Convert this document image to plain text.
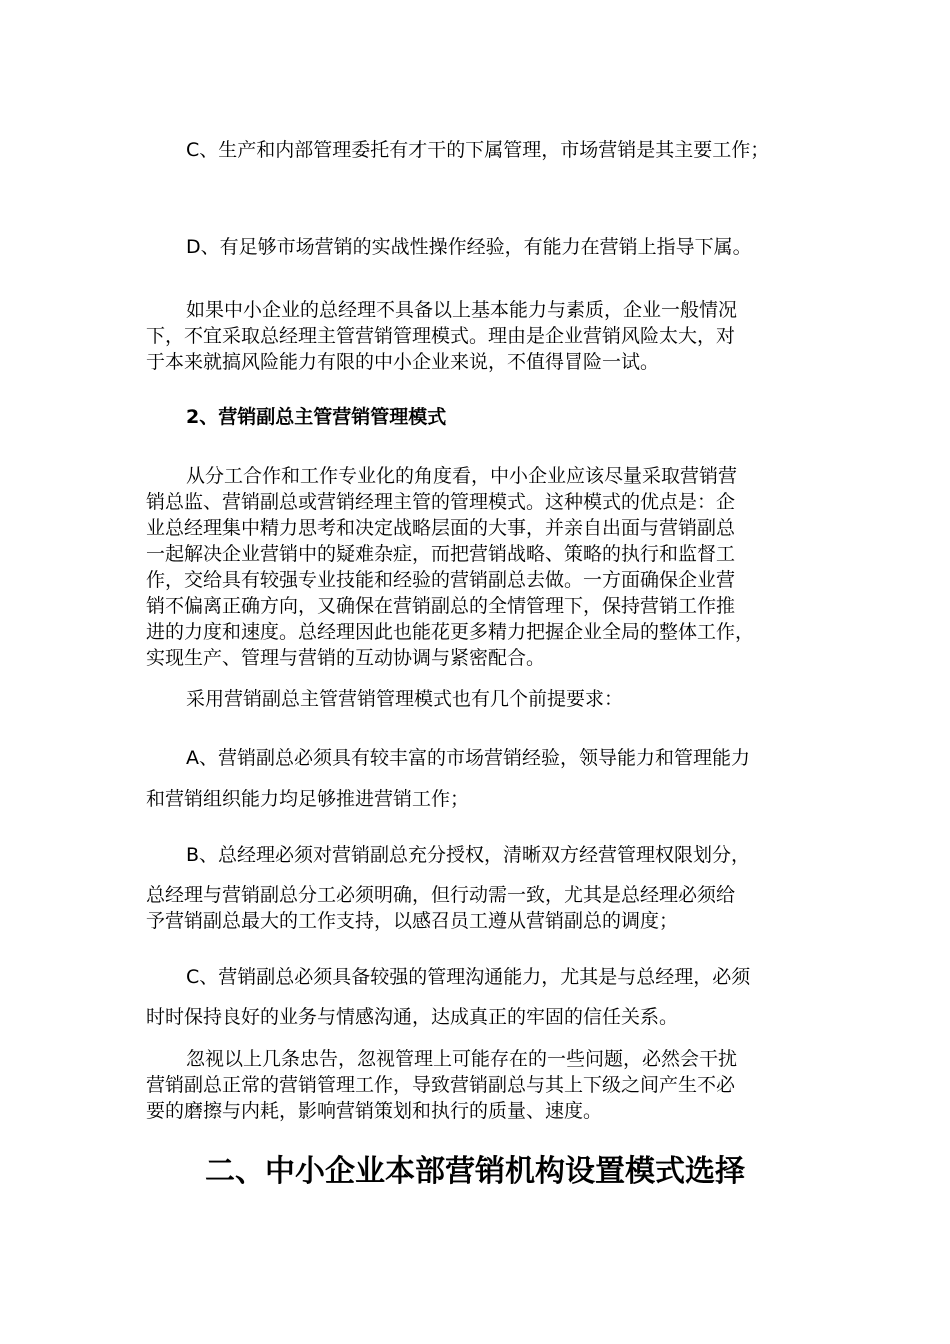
C、生产和内部管理委托有才干的下属管理，市场营销是其主要工作；
D、有足够市场营销的实战性操作经验，有能力在营销上指导下属。
如果中小企业的总经理不具备以上基本能力与素质，企业一般情况
下，不宜采取总经理主管营销管理模式。理由是企业营销风险太大，对
于本来就搞风险能力有限的中小企业来说，不值得冒险一试。
2、营销副总主管营销管理模式
从分工合作和工作专业化的角度看，中小企业应该尽量采取营销营
销总监、营销副总或营销经理主管的管理模式。这种模式的优点是：企
业总经理集中精力思考和决定战略层面的大事，并亲自出面与营销副总
一起解决企业营销中的疑难杂症，而把营销战略、策略的执行和监督工
作，交给具有较强专业技能和经验的营销副总去做。一方面确保企业营
销不偏离正确方向，又确保在营销副总的全情管理下，保持营销工作推
进的力度和速度。总经理因此也能花更多精力把握企业全局的整体工作，
实现生产、管理与营销的互动协调与紧密配合。
采用营销副总主管营销管理模式也有几个前提要求：
A、营销副总必须具有较丰富的市场营销经验，领导能力和管理能力
和营销组织能力均足够推进营销工作；
B、总经理必须对营销副总充分授权，清晰双方经营管理权限划分，
总经理与营销副总分工必须明确，但行动需一致，尤其是总经理必须给
予营销副总最大的工作支持，以感召员工遵从营销副总的调度；
C、营销副总必须具备较强的管理沟通能力，尤其是与总经理，必须
时时保持良好的业务与情感沟通，达成真正的牢固的信任关系。
忽视以上几条忠告，忽视管理上可能存在的一些问题，必然会干扰
营销副总正常的营销管理工作，导致营销副总与其上下级之间产生不必
要的磨擦与内耗，影响营销策划和执行的质量、速度。
二、中小企业本部营销机构设置模式选择
